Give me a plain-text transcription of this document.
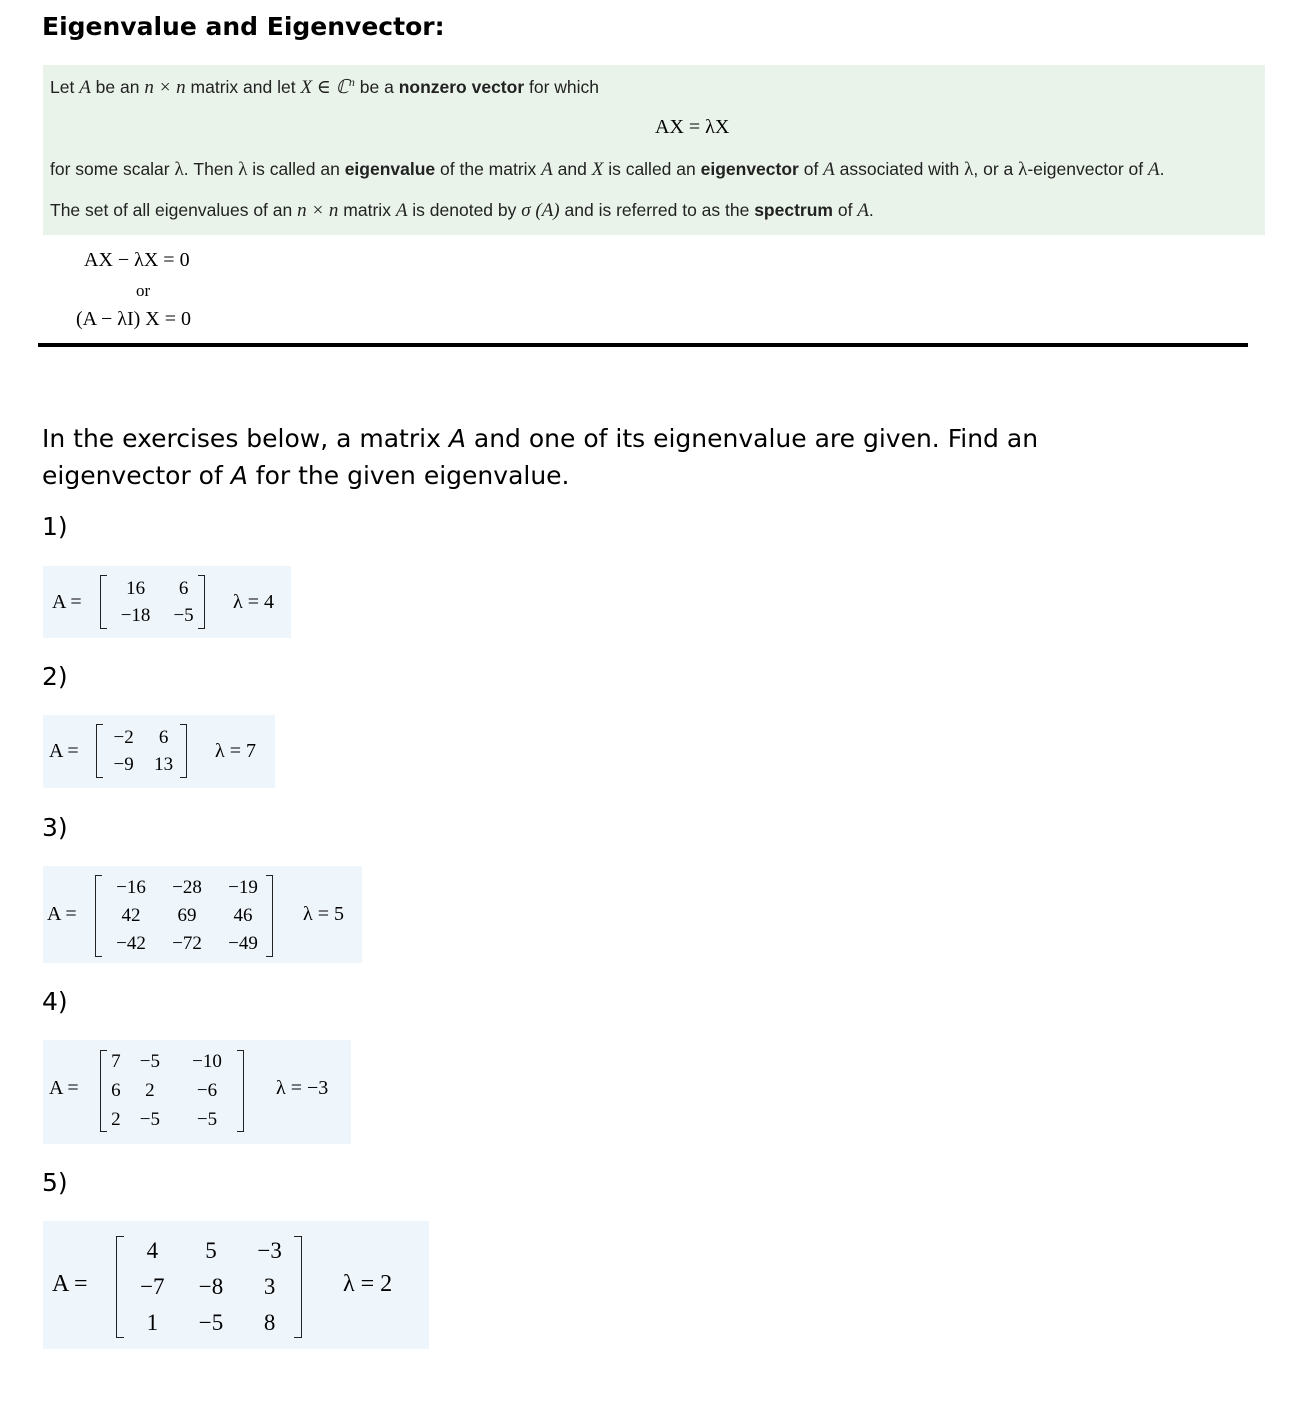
Eigenvalue and Eigenvector:
Let A be an n × n matrix and let X ∈ ℂ$^n$ be a nonzero vector for which
AX = λX
for some scalar λ. Then λ is called an eigenvalue of the matrix A and X is called an eigenvector of A associated with λ, or a λ-eigenvector of A.
The set of all eigenvalues of an n × n matrix A is denoted by σ (A) and is referred to as the spectrum of A.
AX − λX = 0
or
(A − λI) X = 0
In the exercises below, a matrix A and one of its eignenvalue are given. Find an eigenvector of A for the given eigenvalue.
1)
A =
16	6
−18	−5
λ = 4
2)
A =
−2	6
−9	13
λ = 7
3)
A =
−16	−28	−19
42	69	46
−42	−72	−49
λ = 5
4)
A =
7	−5	−10
6	2	−6
2	−5	−5
λ = −3
5)
A =
4	5	−3
−7	−8	3
1	−5	8
λ = 2
